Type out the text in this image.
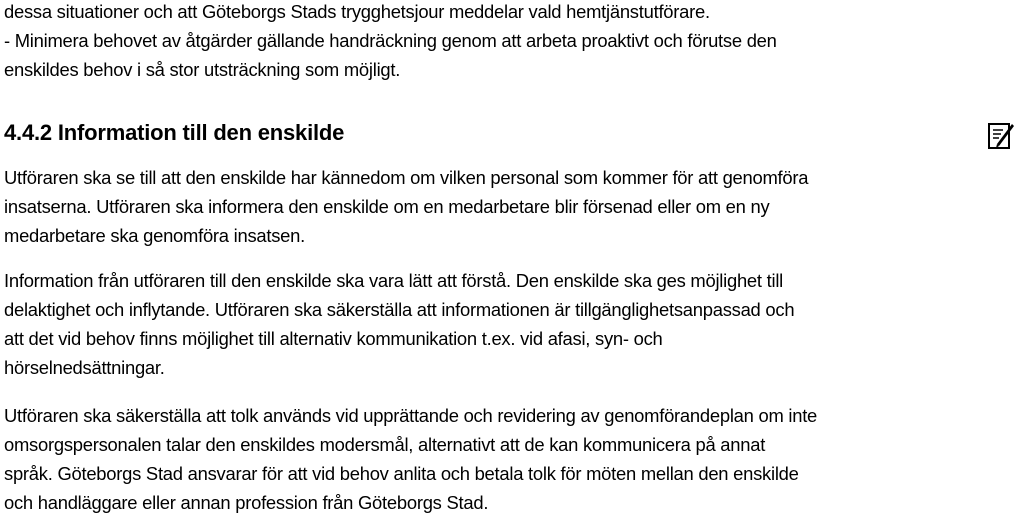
dessa situationer och att Göteborgs Stads trygghetsjour meddelar vald hemtjänstutförare.

- Minimera behovet av åtgärder gällande handräckning genom att arbeta proaktivt och förutse den

enskildes behov i så stor utsträckning som möjligt.

4.4.2 Information till den enskilde

Utföraren ska se till att den enskilde har kännedom om vilken personal som kommer för att genomföra

insatserna. Utföraren ska informera den enskilde om en medarbetare blir försenad eller om en ny

medarbetare ska genomföra insatsen.

Information från utföraren till den enskilde ska vara lätt att förstå. Den enskilde ska ges möjlighet till

delaktighet och inflytande. Utföraren ska säkerställa att informationen är tillgänglighetsanpassad och

att det vid behov finns möjlighet till alternativ kommunikation t.ex. vid afasi, syn- och

hörselnedsättningar.

Utföraren ska säkerställa att tolk används vid upprättande och revidering av genomförandeplan om inte

omsorgspersonalen talar den enskildes modersmål, alternativt att de kan kommunicera på annat

språk. Göteborgs Stad ansvarar för att vid behov anlita och betala tolk för möten mellan den enskilde

och handläggare eller annan profession från Göteborgs Stad.
